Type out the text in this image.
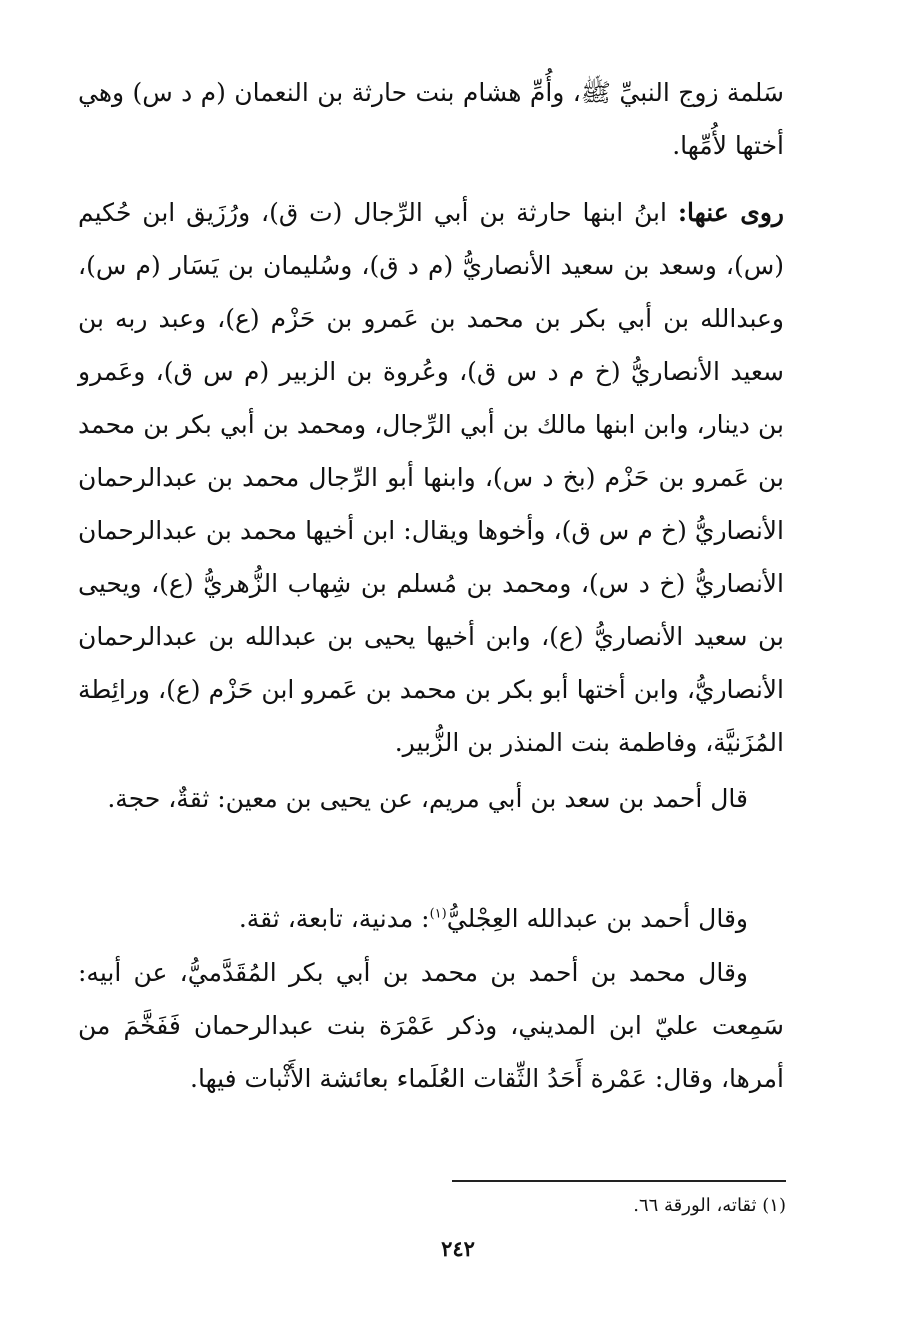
سَلمة زوج النبيِّ ﷺ، وأُمِّ هشام بنت حارثة بن النعمان (م د س) وهي أختها لأُمِّها.

روى عنها: ابنُ ابنها حارثة بن أبي الرِّجال (ت ق)، ورُزَيق ابن حُكيم (س)، وسعد بن سعيد الأنصاريُّ (م د ق)، وسُليمان بن يَسَار (م س)، وعبدالله بن أبي بكر بن محمد بن عَمرو بن حَزْم (ع)، وعبد ربه بن سعيد الأنصاريُّ (خ م د س ق)، وعُروة بن الزبير (م س ق)، وعَمرو بن دينار، وابن ابنها مالك بن أبي الرِّجال، ومحمد بن أبي بكر بن محمد بن عَمرو بن حَزْم (بخ د س)، وابنها أبو الرِّجال محمد بن عبدالرحمان الأنصاريُّ (خ م س ق)، وأخوها ويقال: ابن أخيها محمد بن عبدالرحمان الأنصاريُّ (خ د س)، ومحمد بن مُسلم بن شِهاب الزُّهريُّ (ع)، ويحيى بن سعيد الأنصاريُّ (ع)، وابن أخيها يحيى بن عبدالله بن عبدالرحمان الأنصاريُّ، وابن أختها أبو بكر بن محمد بن عَمرو ابن حَزْم (ع)، ورائِطة المُزَنيَّة، وفاطمة بنت المنذر بن الزُّبير.

قال أحمد بن سعد بن أبي مريم، عن يحيى بن معين: ثقةٌ، حجة.

وقال أحمد بن عبدالله العِجْليُّ$^{(١)}$: مدنية، تابعة، ثقة.

وقال محمد بن أحمد بن محمد بن أبي بكر المُقَدَّميُّ، عن أبيه: سَمِعت عليّ ابن المديني، وذكر عَمْرَة بنت عبدالرحمان فَفَخَّمَ من أمرها، وقال: عَمْرة أَحَدُ الثِّقات العُلَماء بعائشة الأَثْبات فيها.

(١) ثقاته، الورقة ٦٦.
٢٤٢
